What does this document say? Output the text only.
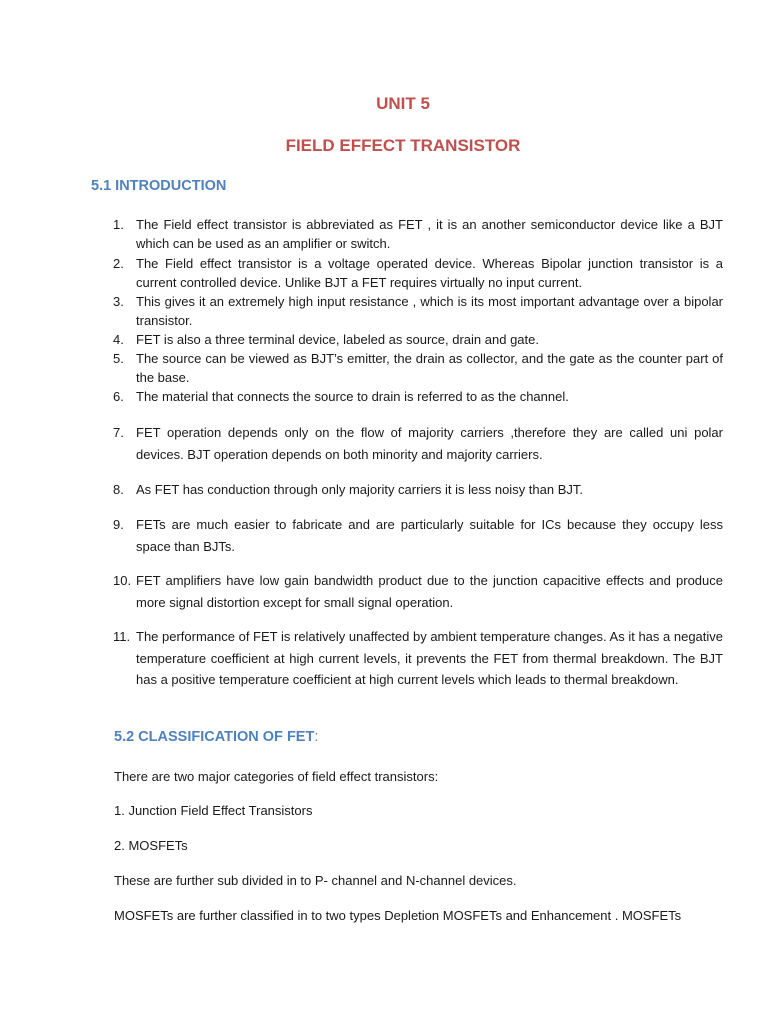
UNIT 5
FIELD EFFECT TRANSISTOR
5.1 INTRODUCTION
1. The Field effect transistor is abbreviated as FET , it is an another semiconductor device like a BJT which can be used as an amplifier or switch.
2. The Field effect transistor is a voltage operated device. Whereas Bipolar junction transistor is a current controlled device. Unlike BJT a FET requires virtually no input current.
3. This gives it an extremely high input resistance , which is its most important advantage over a bipolar transistor.
4. FET is also a three terminal device, labeled as source, drain and gate.
5. The source can be viewed as BJT’s emitter, the drain as collector, and the gate as the counter part of the base.
6. The material that connects the source to drain is referred to as the channel.
7. FET operation depends only on the flow of majority carriers ,therefore they are called uni polar devices. BJT operation depends on both minority and majority carriers.
8. As FET has conduction through only majority carriers it is less noisy than BJT.
9. FETs are much easier to fabricate and are particularly suitable for ICs because they occupy less space than BJTs.
10. FET amplifiers have low gain bandwidth product due to the junction capacitive effects and produce more signal distortion except for small signal operation.
11. The performance of FET is relatively unaffected by ambient temperature changes. As it has a negative temperature coefficient at high current levels, it prevents the FET from thermal breakdown. The BJT has a positive temperature coefficient at high current levels which leads to thermal breakdown.
5.2 CLASSIFICATION OF FET:
There are two major categories of field effect transistors:
1. Junction Field Effect Transistors
2. MOSFETs
These are further sub divided in to P- channel and N-channel devices.
MOSFETs are further classified in to two types Depletion MOSFETs and Enhancement . MOSFETs
